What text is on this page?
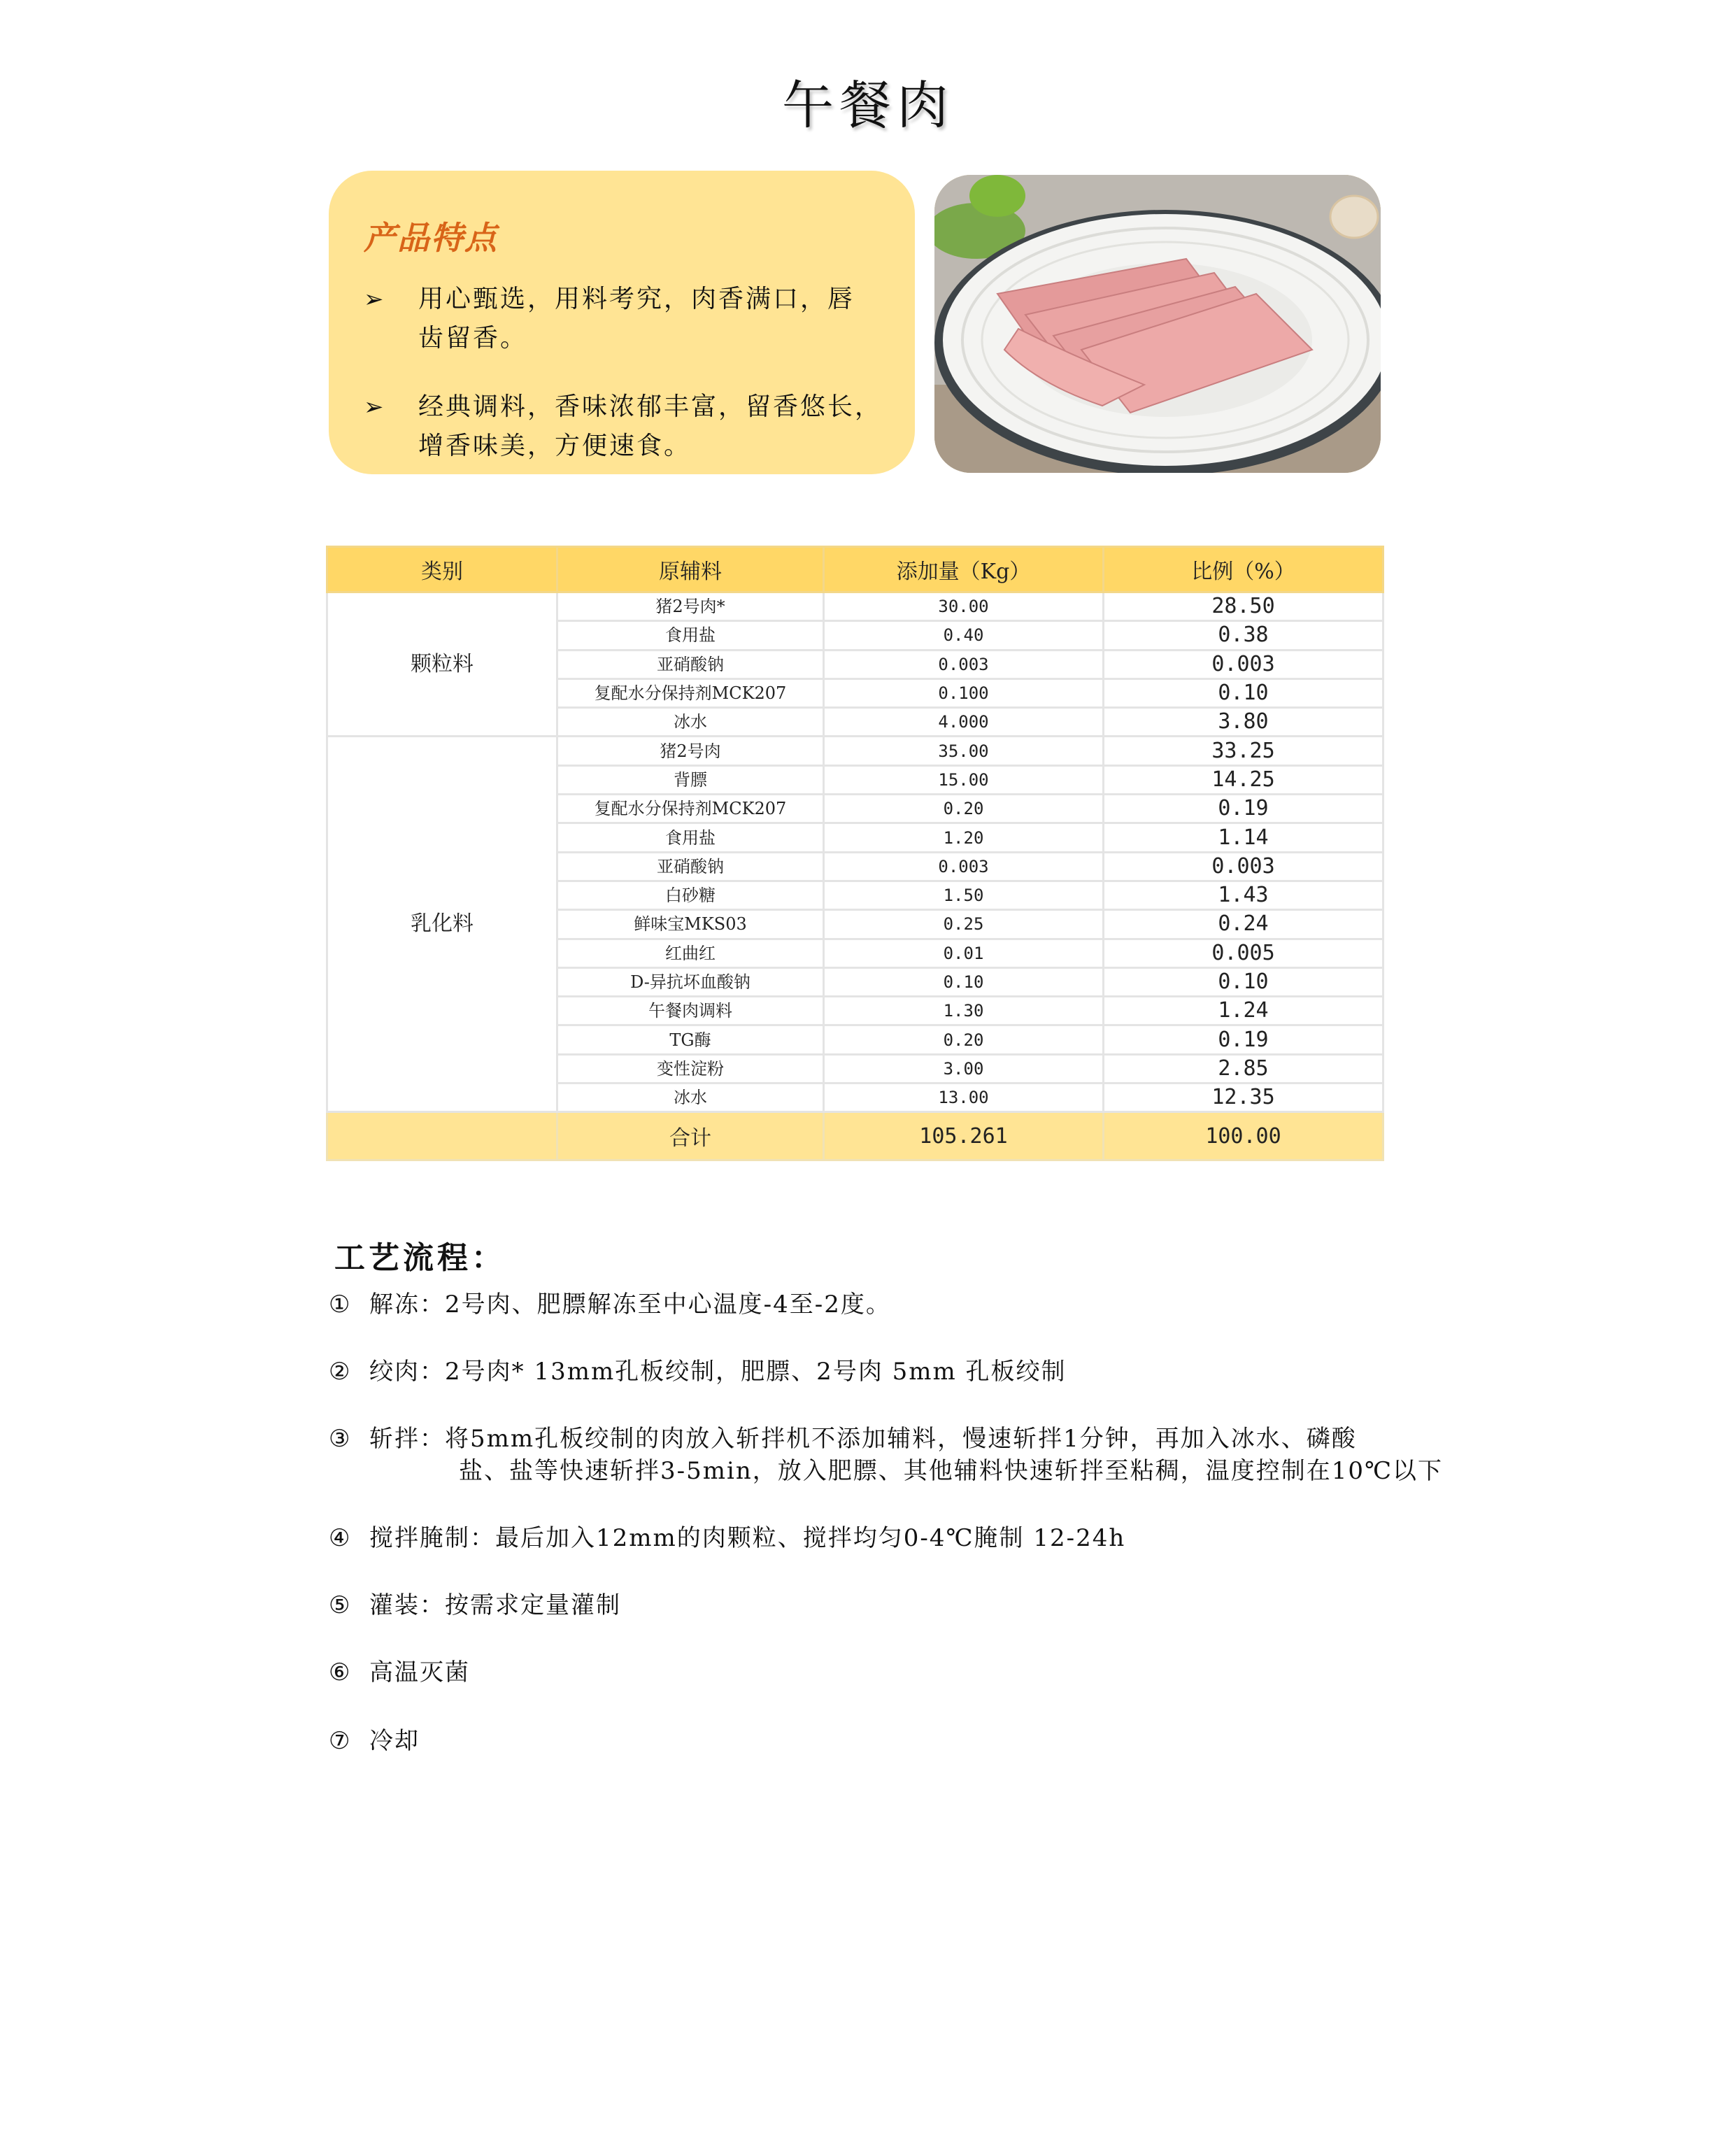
午餐肉
产品特点
➢ 用心甄选，用料考究，肉香满口，唇
齿留香。
➢ 经典调料，香味浓郁丰富，留香悠长，
增香味美，方便速食。
类别	原辅料	添加量（Kg）	比例（%）
颗粒料	猪2号肉*	30.00	28.50
	食用盐	0.40	0.38
	亚硝酸钠	0.003	0.003
	复配水分保持剂MCK207	0.100	0.10
	冰水	4.000	3.80
乳化料	猪2号肉	35.00	33.25
	背膘	15.00	14.25
	复配水分保持剂MCK207	0.20	0.19
	食用盐	1.20	1.14
	亚硝酸钠	0.003	0.003
	白砂糖	1.50	1.43
	鲜味宝MKS03	0.25	0.24
	红曲红	0.01	0.005
	D-异抗坏血酸钠	0.10	0.10
	午餐肉调料	1.30	1.24
	TG酶	0.20	0.19
	变性淀粉	3.00	2.85
	冰水	13.00	12.35
	合计	105.261	100.00
工艺流程：
① 解冻：2号肉、肥膘解冻至中心温度-4至-2度。
② 绞肉：2号肉* 13mm孔板绞制，肥膘、2号肉 5mm 孔板绞制
③ 斩拌：将5mm孔板绞制的肉放入斩拌机不添加辅料，慢速斩拌1分钟，再加入冰水、磷酸
盐、盐等快速斩拌3-5min，放入肥膘、其他辅料快速斩拌至粘稠，温度控制在10℃以下
④ 搅拌腌制：最后加入12mm的肉颗粒、搅拌均匀0-4℃腌制 12-24h
⑤ 灌装：按需求定量灌制
⑥ 高温灭菌
⑦ 冷却
